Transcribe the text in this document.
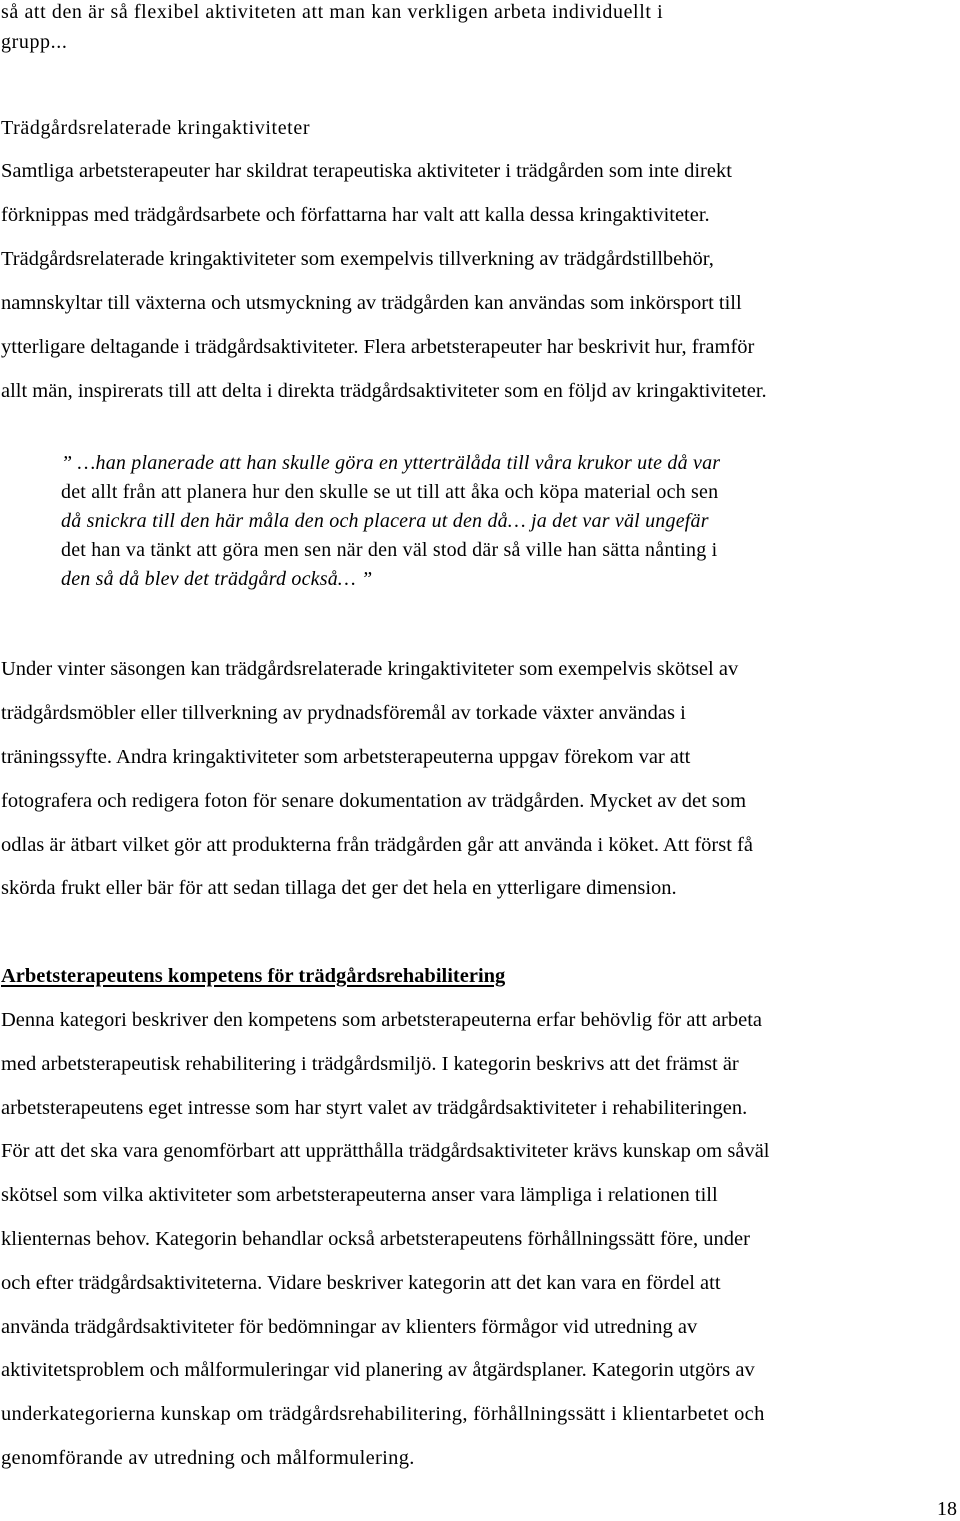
så att den är så flexibel aktiviteten att man kan verkligen arbeta individuellt i
grupp...
Trädgårdsrelaterade kringaktiviteter
Samtliga arbetsterapeuter har skildrat terapeutiska aktiviteter i trädgården som inte direkt
förknippas med trädgårdsarbete och författarna har valt att kalla dessa kringaktiviteter.
Trädgårdsrelaterade kringaktiviteter som exempelvis tillverkning av trädgårdstillbehör,
namnskyltar till växterna och utsmyckning av trädgården kan användas som inkörsport till
ytterligare deltagande i trädgårdsaktiviteter. Flera arbetsterapeuter har beskrivit hur, framför
allt män, inspirerats till att delta i direkta trädgårdsaktiviteter som en följd av kringaktiviteter.
” …han planerade att han skulle göra en ytterträlåda till våra krukor ute då var
det allt från att planera hur den skulle se ut till att åka och köpa material och sen
då snickra till den här måla den och placera ut den då… ja det var väl ungefär
det han va tänkt att göra men sen när den väl stod där så ville han sätta nånting i
den så då blev det trädgård också… ”
Under vinter säsongen kan trädgårdsrelaterade kringaktiviteter som exempelvis skötsel av
trädgårdsmöbler eller tillverkning av prydnadsföremål av torkade växter användas i
träningssyfte. Andra kringaktiviteter som arbetsterapeuterna uppgav förekom var att
fotografera och redigera foton för senare dokumentation av trädgården. Mycket av det som
odlas är ätbart vilket gör att produkterna från trädgården går att använda i köket. Att först få
skörda frukt eller bär för att sedan tillaga det ger det hela en ytterligare dimension.
Arbetsterapeutens kompetens för trädgårdsrehabilitering
Denna kategori beskriver den kompetens som arbetsterapeuterna erfar behövlig för att arbeta
med arbetsterapeutisk rehabilitering i trädgårdsmiljö. I kategorin beskrivs att det främst är
arbetsterapeutens eget intresse som har styrt valet av trädgårdsaktiviteter i rehabiliteringen.
För att det ska vara genomförbart att upprätthålla trädgårdsaktiviteter krävs kunskap om såväl
skötsel som vilka aktiviteter som arbetsterapeuterna anser vara lämpliga i relationen till
klienternas behov. Kategorin behandlar också arbetsterapeutens förhållningssätt före, under
och efter trädgårdsaktiviteterna. Vidare beskriver kategorin att det kan vara en fördel att
använda trädgårdsaktiviteter för bedömningar av klienters förmågor vid utredning av
aktivitetsproblem och målformuleringar vid planering av åtgärdsplaner. Kategorin utgörs av
underkategorierna kunskap om trädgårdsrehabilitering, förhållningssätt i klientarbetet och
genomförande av utredning och målformulering.
18
